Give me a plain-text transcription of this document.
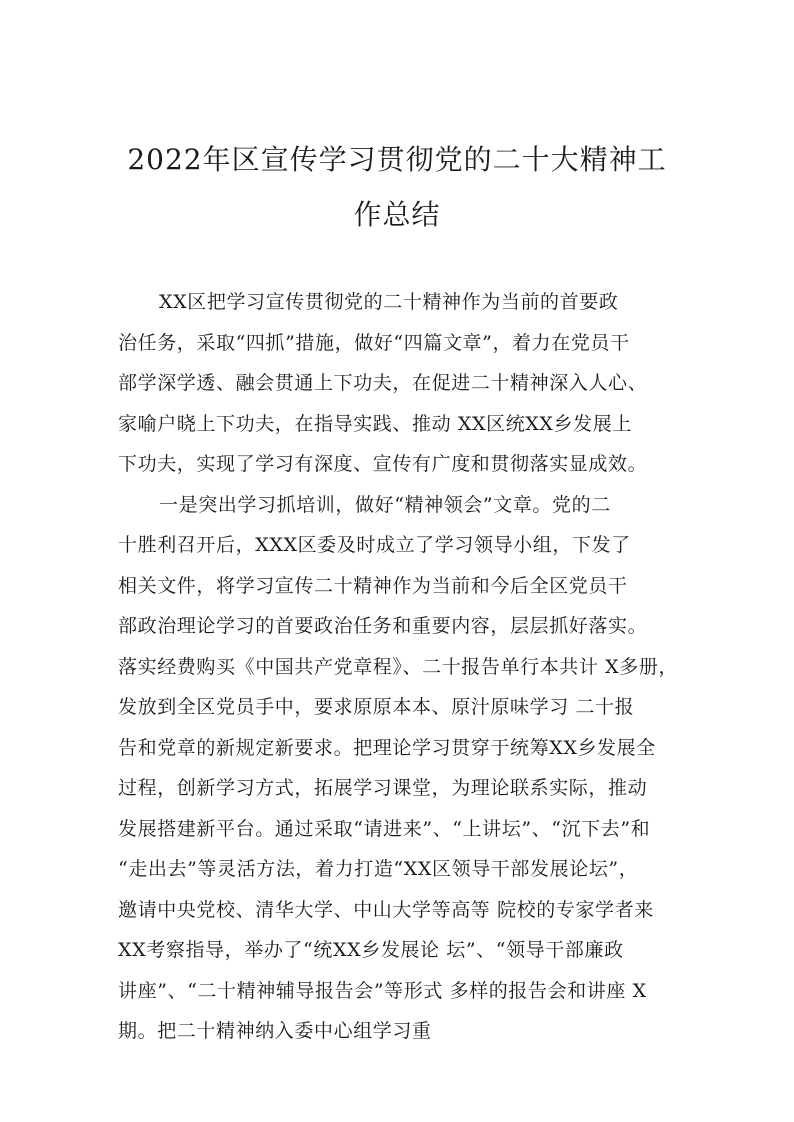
2022年区宣传学习贯彻党的二十大精神工
作总结
XX区把学习宣传贯彻党的二十精神作为当前的首要政
治任务，采取“四抓”措施，做好“四篇文章”，着力在党员干
部学深学透、融会贯通上下功夫，在促进二十精神深入人心、
家喻户晓上下功夫，在指导实践、推动 XX区统XX乡发展上
下功夫，实现了学习有深度、宣传有广度和贯彻落实显成效。
一是突出学习抓培训，做好“精神领会”文章。党的二
十胜利召开后，XXX区委及时成立了学习领导小组，下发了
相关文件，将学习宣传二十精神作为当前和今后全区党员干
部政治理论学习的首要政治任务和重要内容，层层抓好落实。
落实经费购买《中国共产党章程》、二十报告单行本共计 X多册，
发放到全区党员手中，要求原原本本、原汁原味学习 二十报
告和党章的新规定新要求。把理论学习贯穿于统筹XX乡发展全
过程，创新学习方式，拓展学习课堂，为理论联系实际，推动
发展搭建新平台。通过采取“请进来”、“上讲坛”、“沉下去”和
“走出去”等灵活方法，着力打造“XX区领导干部发展论坛”，
邀请中央党校、清华大学、中山大学等高等 院校的专家学者来
XX考察指导，举办了“统XX乡发展论 坛”、“领导干部廉政
讲座”、“二十精神辅导报告会”等形式 多样的报告会和讲座 X
期。把二十精神纳入委中心组学习重
